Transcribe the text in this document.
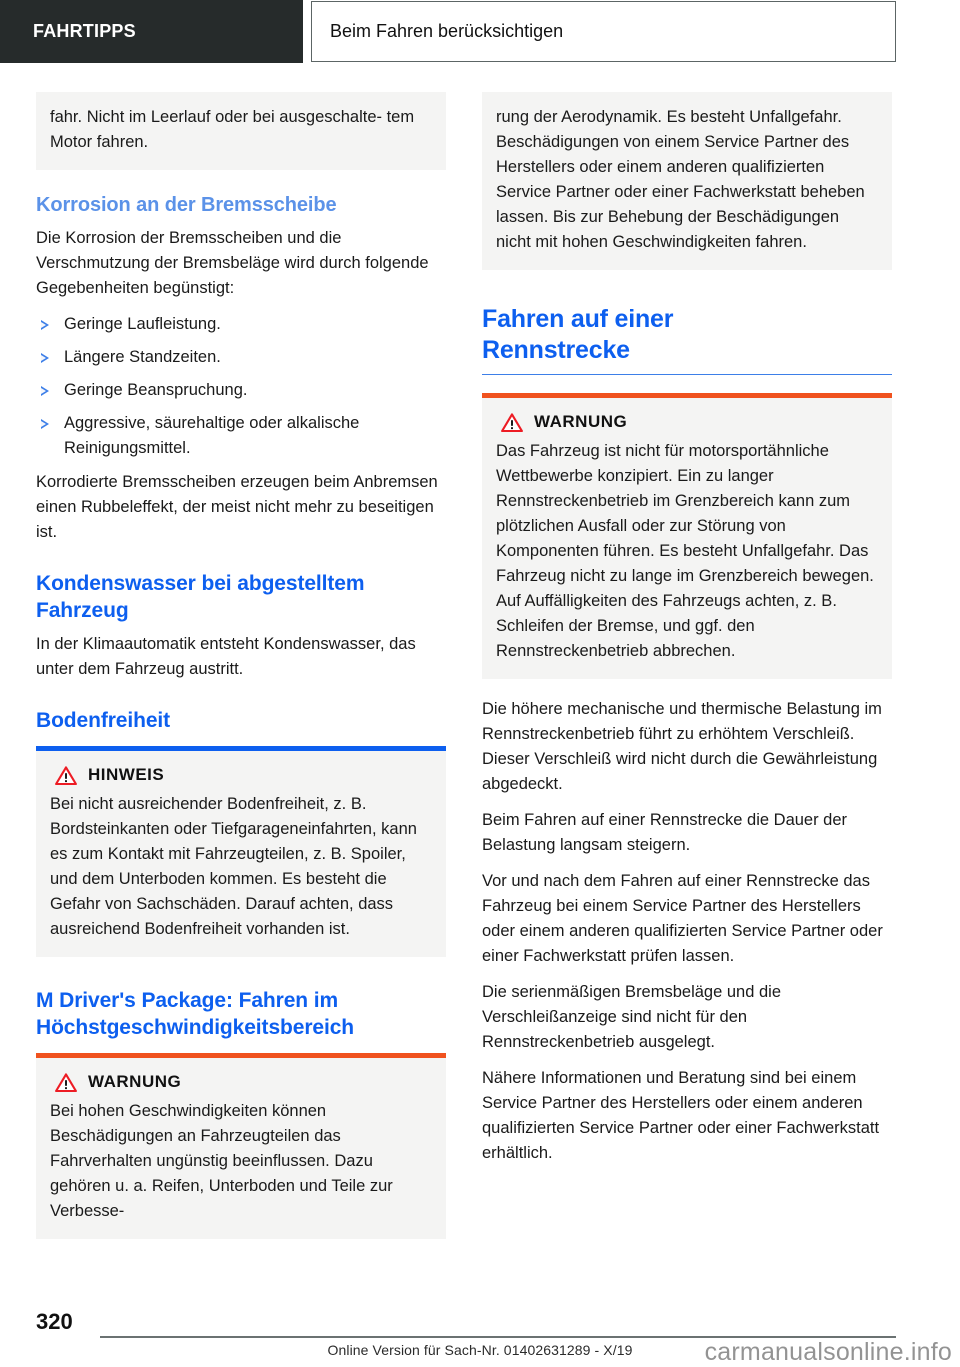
FAHRTIPPS	Beim Fahren berücksichtigen

fahr. Nicht im Leerlauf oder bei ausgeschalte- tem Motor fahren.

Korrosion an der Bremsscheibe

Die Korrosion der Bremsscheiben und die Verschmutzung der Bremsbeläge wird durch folgende Gegebenheiten begünstigt:

Geringe Laufleistung.
Längere Standzeiten.
Geringe Beanspruchung.
Aggressive, säurehaltige oder alkalische Reinigungsmittel.

Korrodierte Bremsscheiben erzeugen beim Anbremsen einen Rubbeleffekt, der meist nicht mehr zu beseitigen ist.

Kondenswasser bei abgestelltem Fahrzeug

In der Klimaautomatik entsteht Kondenswasser, das unter dem Fahrzeug austritt.

Bodenfreiheit
HINWEIS

Bei nicht ausreichender Bodenfreiheit, z. B. Bordsteinkanten oder Tiefgarageneinfahrten, kann es zum Kontakt mit Fahrzeugteilen, z. B. Spoiler, und dem Unterboden kommen. Es besteht die Gefahr von Sachschäden. Darauf achten, dass ausreichend Bodenfreiheit vorhanden ist.

M Driver's Package: Fahren im Höchstgeschwindigkeitsbereich
WARNUNG

Bei hohen Geschwindigkeiten können Beschädigungen an Fahrzeugteilen das Fahrverhalten ungünstig beeinflussen. Dazu gehören u. a. Reifen, Unterboden und Teile zur Verbesse-

rung der Aerodynamik. Es besteht Unfallgefahr. Beschädigungen von einem Service Partner des Herstellers oder einem anderen qualifizierten Service Partner oder einer Fachwerkstatt beheben lassen. Bis zur Behebung der Beschädigungen nicht mit hohen Geschwindigkeiten fahren.

Fahren auf einer
Rennstrecke
WARNUNG

Das Fahrzeug ist nicht für motorsportähnliche Wettbewerbe konzipiert. Ein zu langer Rennstreckenbetrieb im Grenzbereich kann zum plötzlichen Ausfall oder zur Störung von Komponenten führen. Es besteht Unfallgefahr. Das Fahrzeug nicht zu lange im Grenzbereich bewegen. Auf Auffälligkeiten des Fahrzeugs achten, z. B. Schleifen der Bremse, und ggf. den Rennstreckenbetrieb abbrechen.

Die höhere mechanische und thermische Belastung im Rennstreckenbetrieb führt zu erhöhtem Verschleiß. Dieser Verschleiß wird nicht durch die Gewährleistung abgedeckt.

Beim Fahren auf einer Rennstrecke die Dauer der Belastung langsam steigern.

Vor und nach dem Fahren auf einer Rennstrecke das Fahrzeug bei einem Service Partner des Herstellers oder einem anderen qualifizierten Service Partner oder einer Fachwerkstatt prüfen lassen.

Die serienmäßigen Bremsbeläge und die Verschleißanzeige sind nicht für den Rennstreckenbetrieb ausgelegt.

Nähere Informationen und Beratung sind bei einem Service Partner des Herstellers oder einem anderen qualifizierten Service Partner oder einer Fachwerkstatt erhältlich.

320
Online Version für Sach-Nr. 01402631289 - X/19	carmanualsonline.info
